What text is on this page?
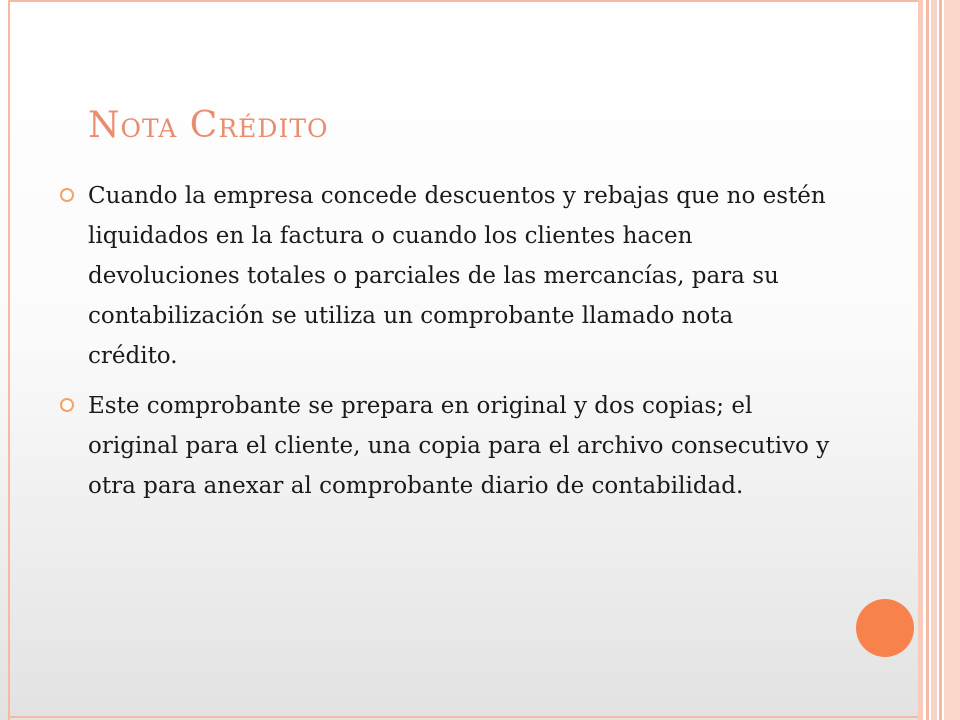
Nota Crédito
Cuando la empresa concede descuentos y rebajas que no estén liquidados en la factura o cuando los clientes hacen devoluciones totales o parciales de las mercancías, para su contabilización se utiliza un comprobante llamado nota crédito.
Este comprobante se prepara en original y dos copias; el original para el cliente, una copia para el archivo consecutivo y otra para anexar al comprobante diario de contabilidad.
